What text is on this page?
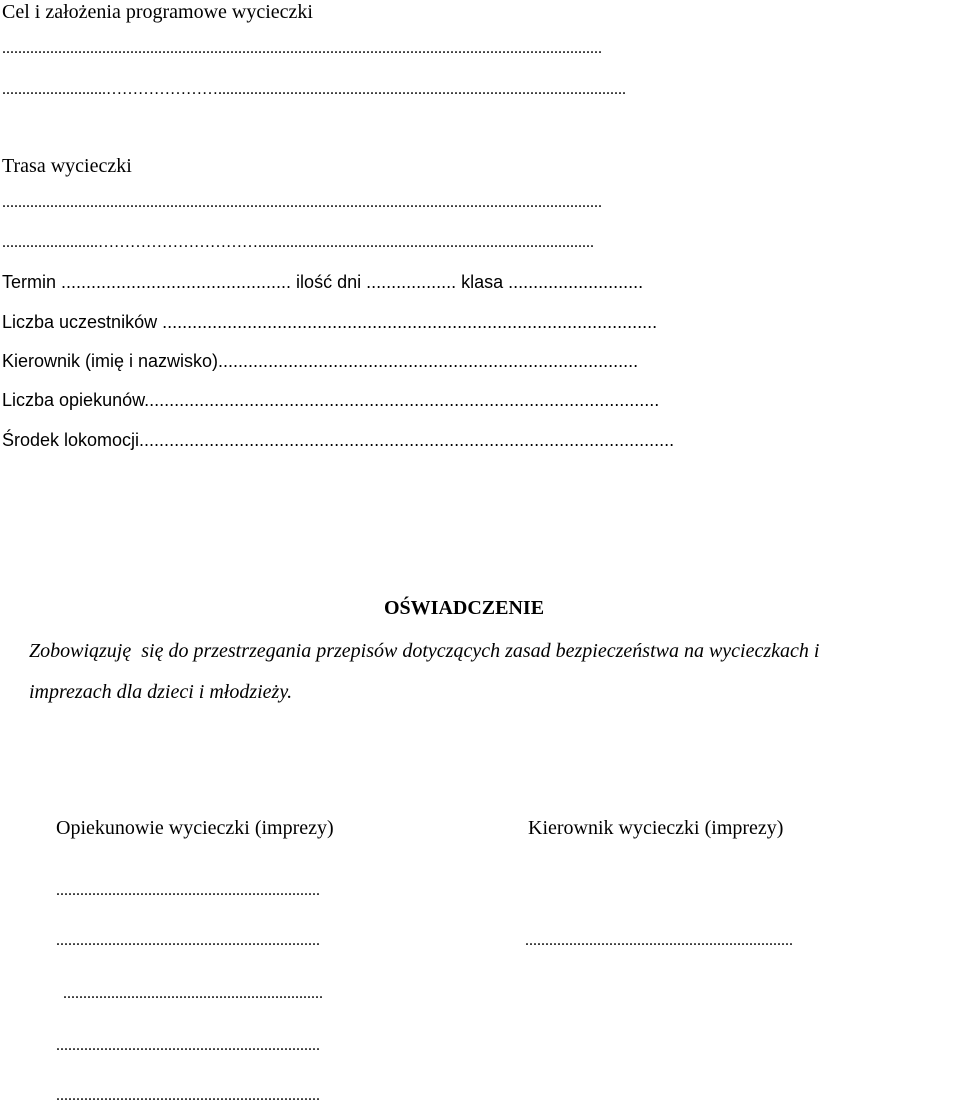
Cel i założenia programowe wycieczki
......................................................................................................................................................
..........................…………………......................................................................................................
Trasa wycieczki
......................................................................................................................................................
........................…………………………....................................................................................
Termin .............................................. ilość dni .................. klasa ...........................
Liczba uczestników ...................................................................................................
Kierownik (imię i nazwisko)....................................................................................
Liczba opiekunów.......................................................................................................
Środek lokomocji...........................................................................................................
OŚWIADCZENIE
Zobowiązuję  się do przestrzegania przepisów dotyczących zasad bezpieczeństwa na wycieczkach i
imprezach dla dzieci i młodzieży.
Opiekunowie wycieczki (imprezy)	Kierownik wycieczki (imprezy)
..................................................................
..................................................................	...................................................................
.................................................................
..................................................................
..................................................................
